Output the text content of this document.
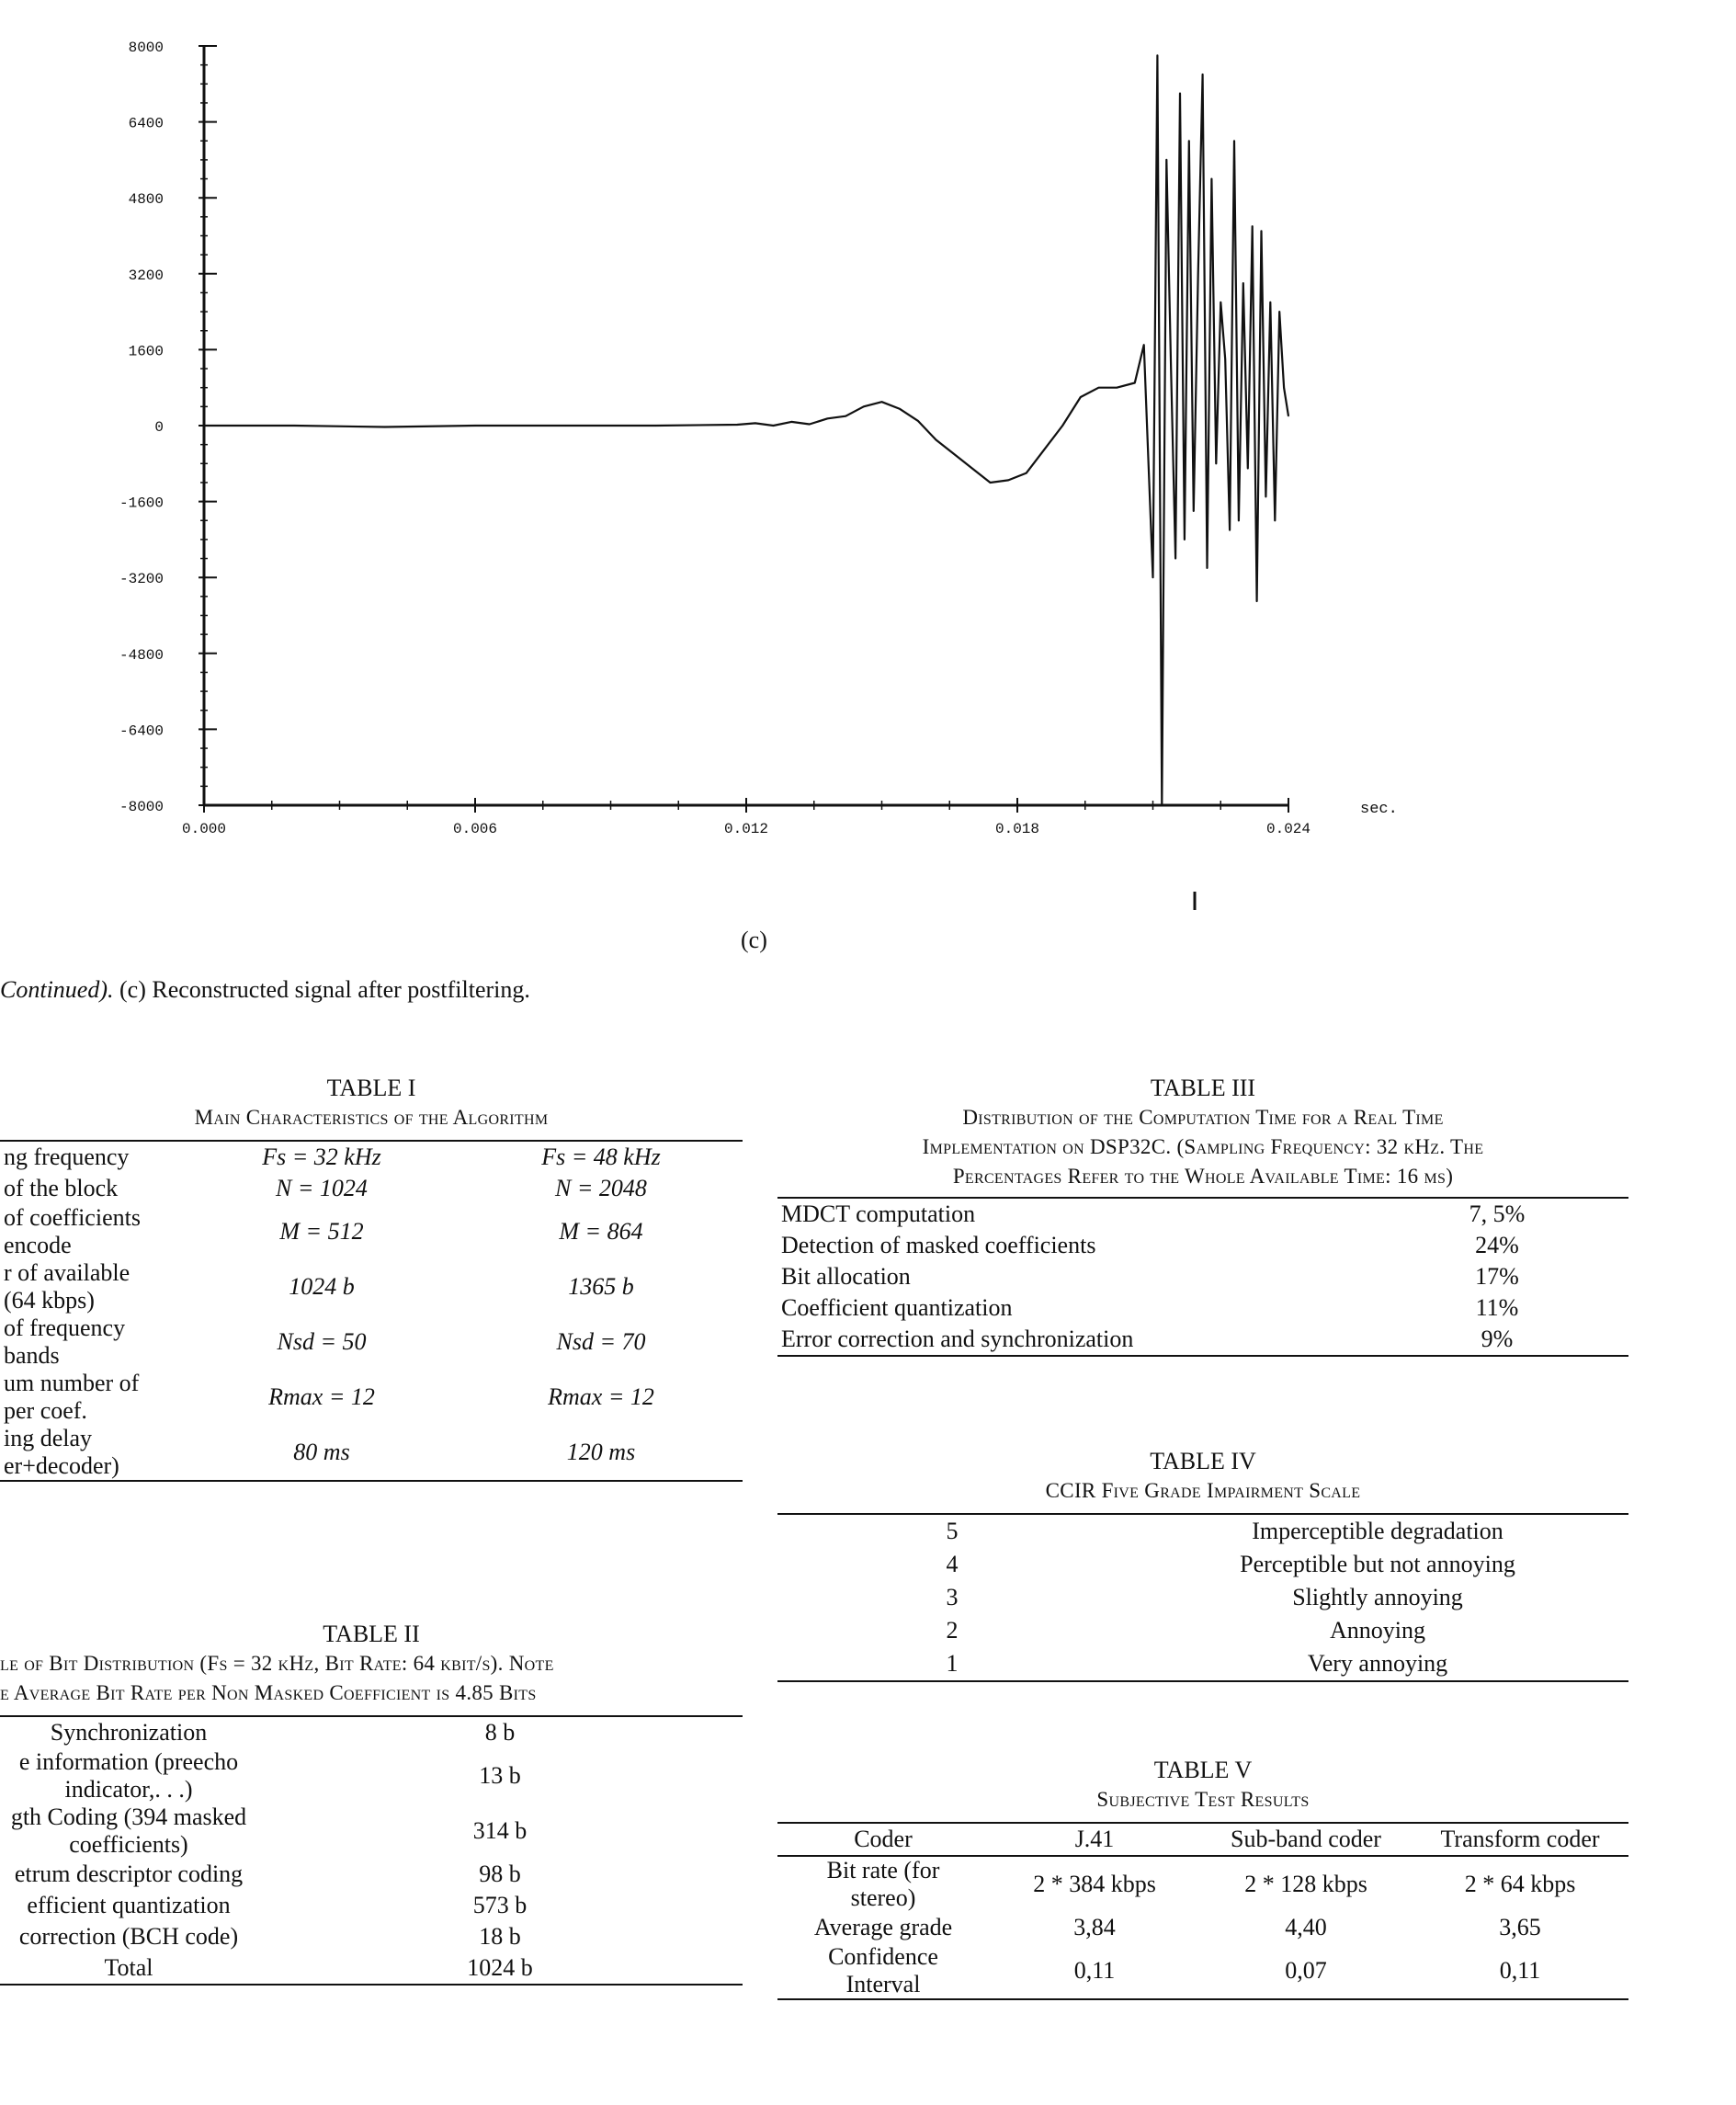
8000
6400
4800
3200
1600
0
-1600
-3200
-4800
-6400
-8000
0.000	0.006	0.012	0.018	0.024
sec.
(c)
Continued). (c) Reconstructed signal after postfiltering.
TABLE I
Main Characteristics of the Algorithm
ng frequency	Fs = 32 kHz	Fs = 48 kHz
of the block	N = 1024	N = 2048
of coefficients
encode	M = 512	M = 864
r of available
(64 kbps)	1024 b	1365 b
of frequency
bands	Nsd = 50	Nsd = 70
um number of
per coef.	Rmax = 12	Rmax = 12
ing delay
er+decoder)	80 ms	120 ms
TABLE II
le of Bit Distribution (Fs = 32 kHz, Bit Rate: 64 kbit/s). Note
e Average Bit Rate per Non Masked Coefficient is 4.85 Bits
Synchronization	8 b
e information (preecho
indicator,. . .)	13 b
gth Coding (394 masked
coefficients)	314 b
etrum descriptor coding	98 b
efficient quantization	573 b
correction (BCH code)	18 b
Total	1024 b
TABLE III
Distribution of the Computation Time for a Real Time
Implementation on DSP32C. (Sampling Frequency: 32 kHz. The
Percentages Refer to the Whole Available Time: 16 ms)
MDCT computation	7, 5%
Detection of masked coefficients	24%
Bit allocation	17%
Coefficient quantization	11%
Error correction and synchronization	9%
TABLE IV
CCIR Five Grade Impairment Scale
5	Imperceptible degradation
4	Perceptible but not annoying
3	Slightly annoying
2	Annoying
1	Very annoying
TABLE V
Subjective Test Results
Coder	J.41	Sub-band coder	Transform coder
Bit rate (for
stereo)	2 * 384 kbps	2 * 128 kbps	2 * 64 kbps
Average grade	3,84	4,40	3,65
Confidence
Interval	0,11	0,07	0,11
